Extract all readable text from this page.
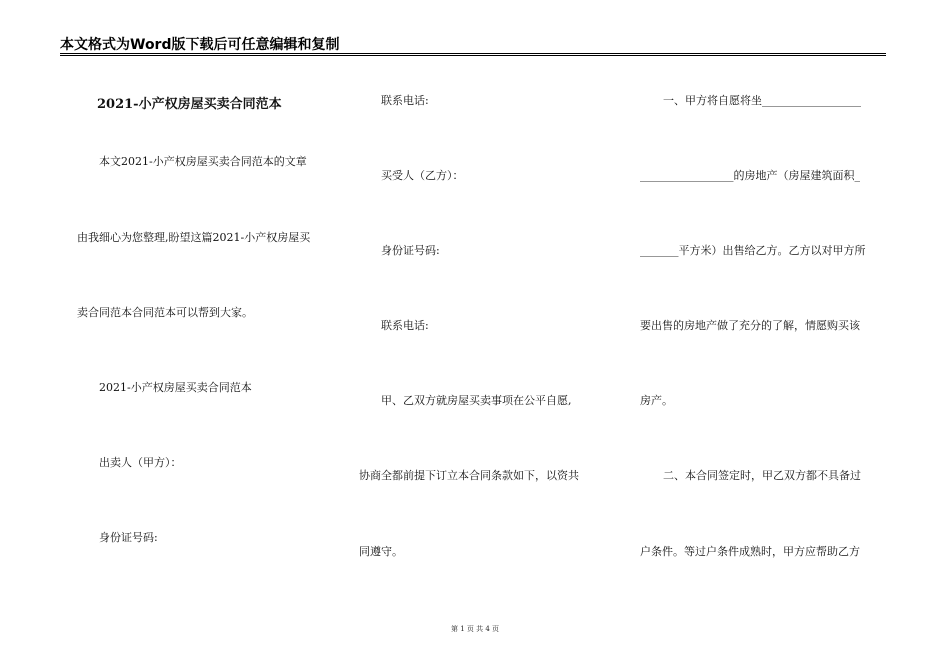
本文格式为Word版下载后可任意编辑和复制
2021-小产权房屋买卖合同范本
本文2021-小产权房屋买卖合同范本的文章
由我细心为您整理,盼望这篇2021-小产权房屋买
卖合同范本合同范本可以帮到大家。
2021-小产权房屋买卖合同范本
出卖人（甲方）：
身份证号码:
联系电话:
买受人（乙方）：
身份证号码:
联系电话:
甲、乙双方就房屋买卖事项在公平自愿,
协商全都前提下订立本合同条款如下，以资共
同遵守。
一、甲方将自愿将坐__________________
_________________的房地产（房屋建筑面积_
_______平方米）出售给乙方。乙方以对甲方所
要出售的房地产做了充分的了解，情愿购买该
房产。
二、本合同签定时，甲乙双方都不具备过
户条件。等过户条件成熟时，甲方应帮助乙方
第 1 页 共 4 页
